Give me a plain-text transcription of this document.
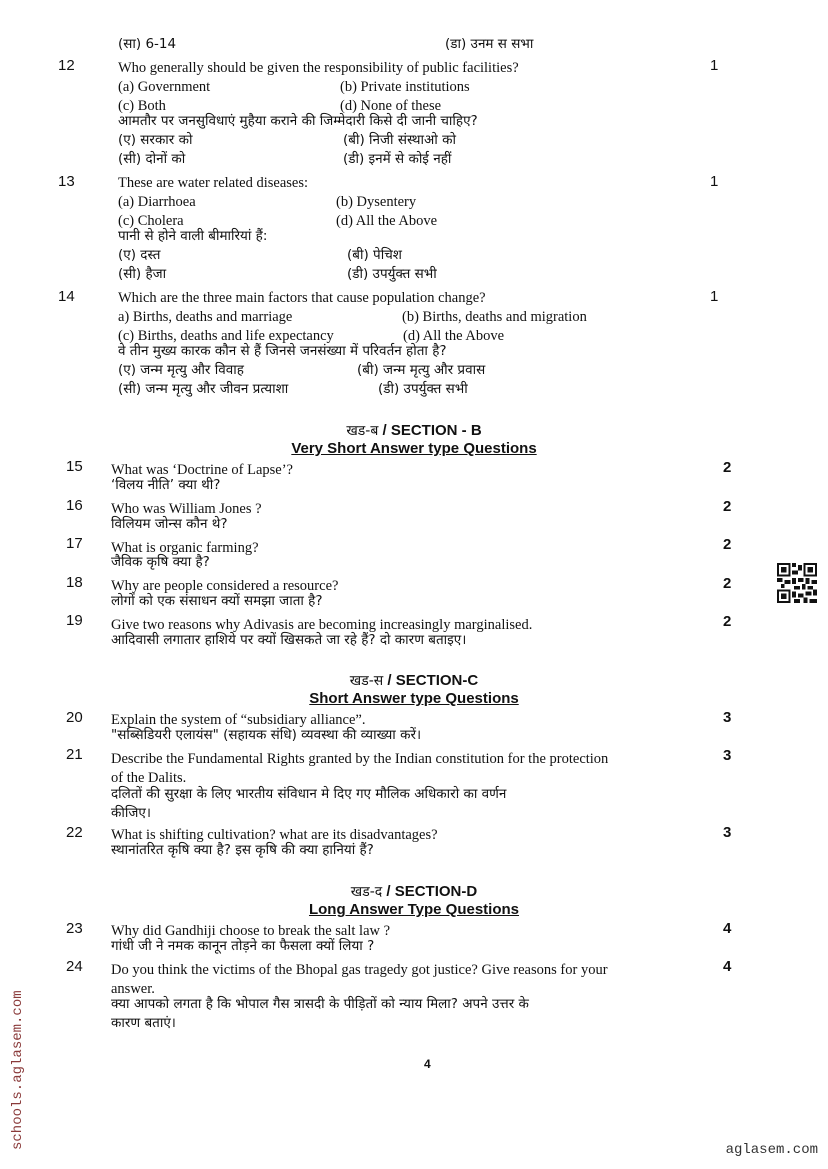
(सा) 6-14	(डा) उनम स सभा
12	1
Who generally should be given the responsibility of public facilities?
(a) Government	(b) Private institutions
(c) Both	(d) None of these
आमतौर पर जनसुविधाएं मुहैया कराने की जिम्मेदारी किसे दी जानी चाहिए?
(ए) सरकार को	(बी) निजी संस्थाओ को
(सी) दोनों को	(डी) इनमें से कोई नहीं
13	1
These are water related diseases:
(a) Diarrhoea	(b) Dysentery
(c) Cholera	(d) All the Above
पानी से होने वाली बीमारियां हैं:
(ए) दस्त	(बी) पेचिश
(सी) हैजा	(डी) उपर्युक्त सभी
14	1
Which are the three main factors that cause population change?
a) Births, deaths and marriage	(b) Births, deaths and migration
(c) Births, deaths and life expectancy	(d) All the Above
वे तीन मुख्य कारक कौन से हैं जिनसे जनसंख्या में परिवर्तन होता है?
(ए) जन्म मृत्यु और विवाह	(बी) जन्म मृत्यु और प्रवास
(सी) जन्म मृत्यु और जीवन प्रत्याशा	(डी) उपर्युक्त सभी
खड-ब / SECTION - B
Very Short Answer type Questions
15	2
What was ‘Doctrine of Lapse’?
‘विलय नीति’ क्या थी?
16	2
Who was William Jones ?
विलियम जोन्स कौन थे?
17	2
What is organic farming?
जैविक कृषि क्या है?
18	2
Why are people considered a resource?
लोगों को एक संसाधन क्यों समझा जाता है?
19	2
Give two reasons why Adivasis are becoming increasingly marginalised.
आदिवासी लगातार हाशिये पर क्यों खिसकते जा रहे हैं? दो कारण बताइए।
खड-स / SECTION-C
Short Answer type Questions
20	3
Explain the system of “subsidiary alliance”.
"सब्सिडियरी एलायंस" (सहायक संधि) व्यवस्था की व्याख्या करें।
21	3
Describe the Fundamental Rights granted by the Indian constitution for the protection
of the Dalits.
दलितों की सुरक्षा के लिए भारतीय संविधान मे दिए गए मौलिक अधिकारो का वर्णन
कीजिए।
22	3
What is shifting cultivation? what are its disadvantages?
स्थानांतरित कृषि क्या है? इस कृषि की क्या हानियां हैं?
खड-द / SECTION-D
Long Answer Type Questions
23	4
Why did Gandhiji choose to break the salt law ?
गांधी जी ने नमक कानून तोड़ने का फैसला क्यों लिया ?
24	4
Do you think the victims of the Bhopal gas tragedy got justice? Give reasons for your
answer.
क्या आपको लगता है कि भोपाल गैस त्रासदी के पीड़ितों को न्याय मिला? अपने उत्तर के
कारण बताएं।
4
schools.aglasem.com	aglasem.com
